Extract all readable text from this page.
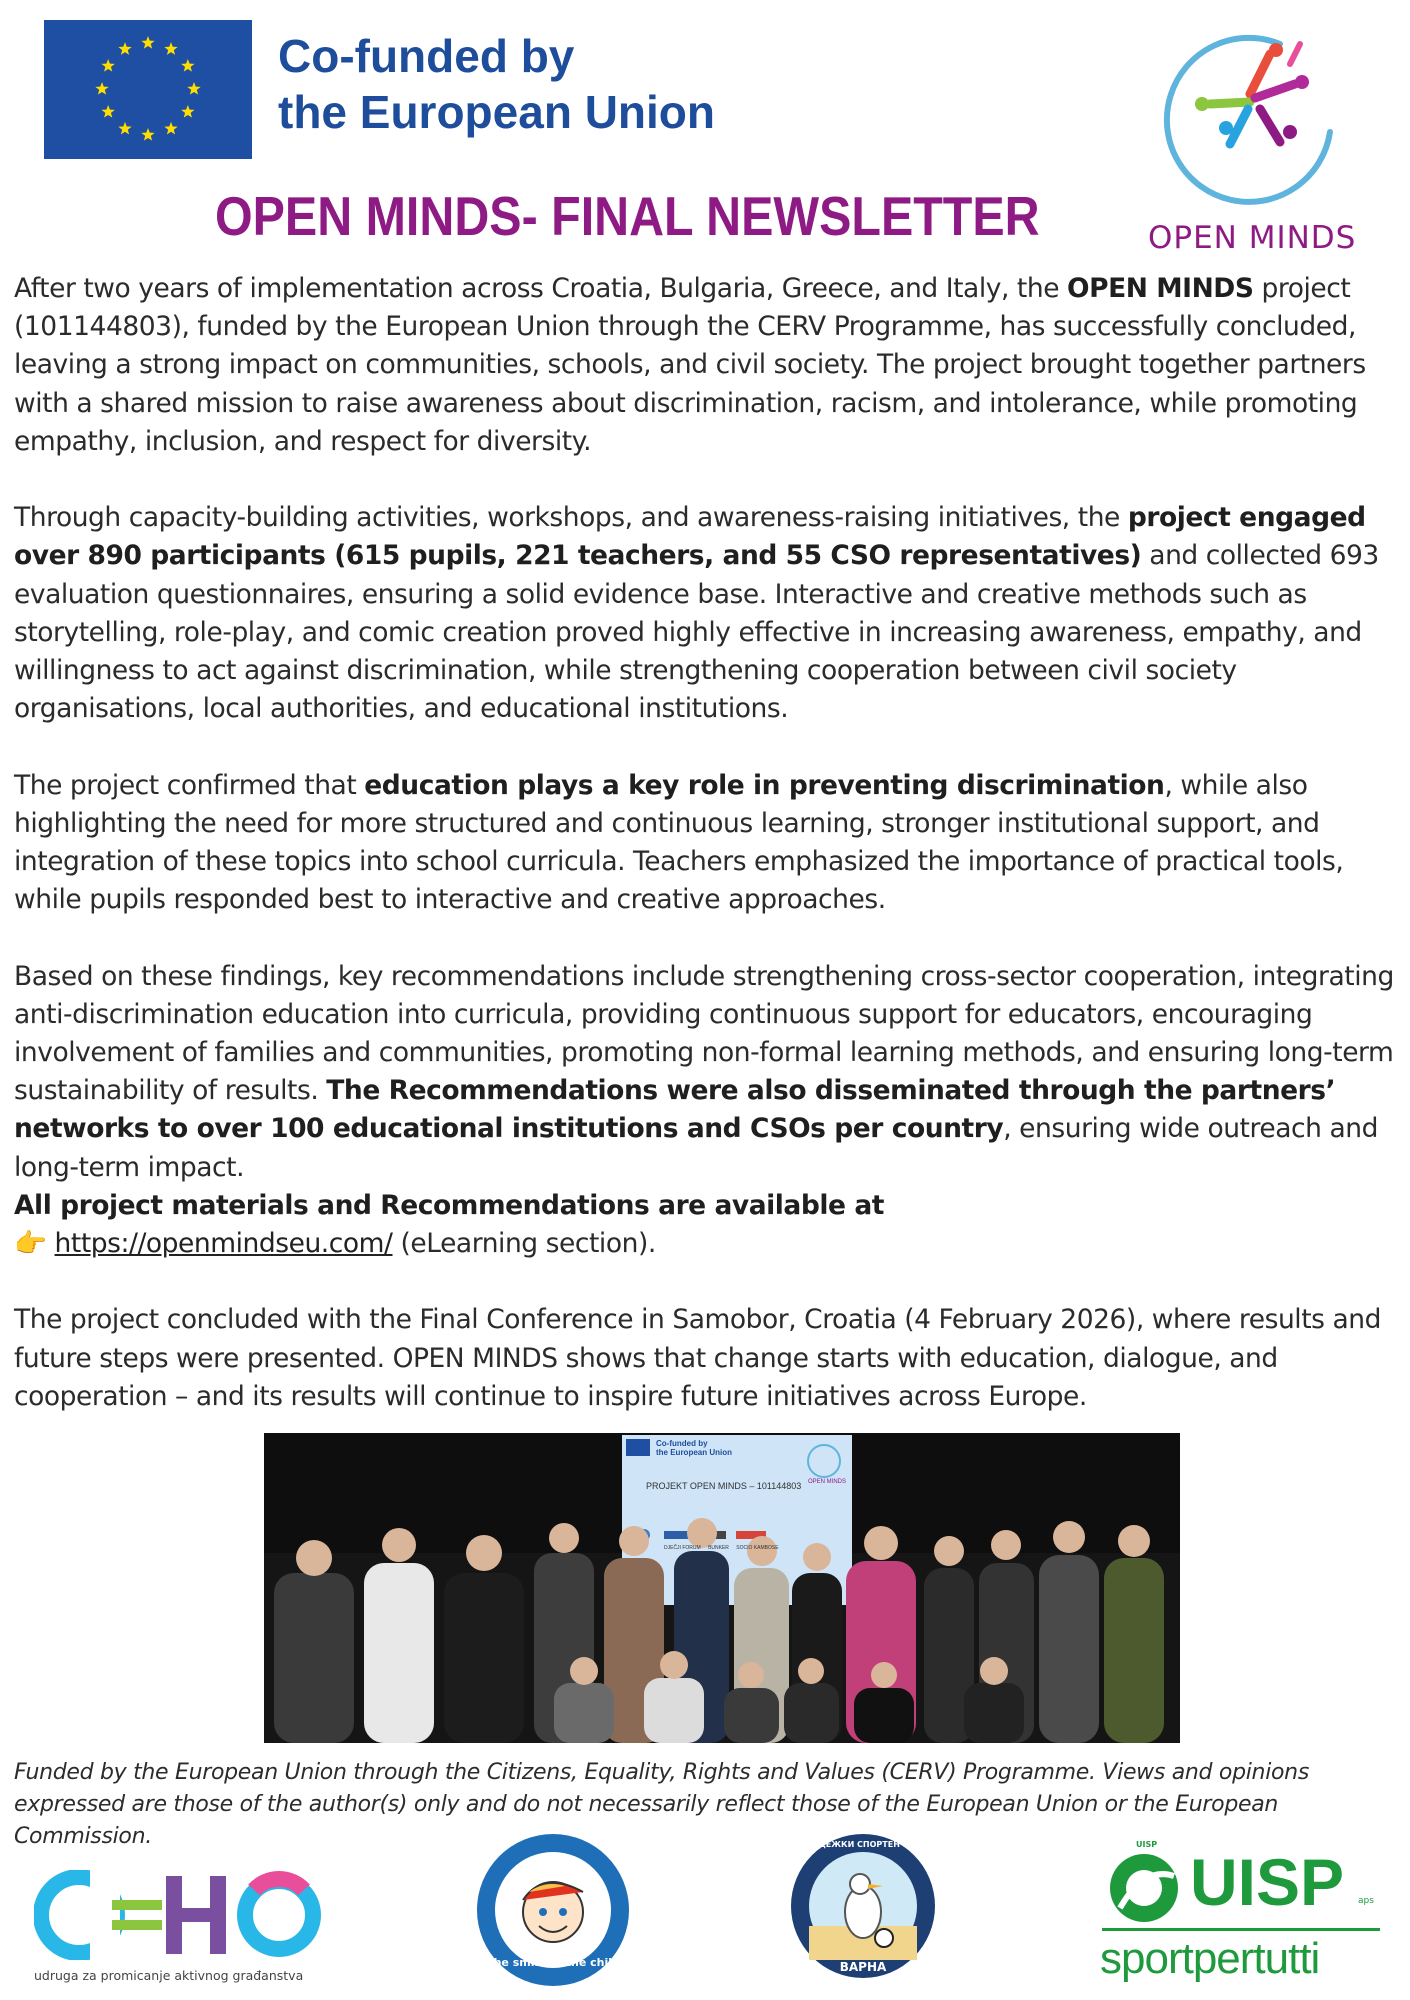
Co-funded by
the European Union
OPEN MINDS
OPEN MINDS- FINAL NEWSLETTER

After two years of implementation across Croatia, Bulgaria, Greece, and Italy, the OPEN MINDS project (101144803), funded by the European Union through the CERV Programme, has successfully concluded, leaving a strong impact on communities, schools, and civil society. The project brought together partners with a shared mission to raise awareness about discrimination, racism, and intolerance, while promoting empathy, inclusion, and respect for diversity.

Through capacity-building activities, workshops, and awareness-raising initiatives, the project engaged over 890 participants (615 pupils, 221 teachers, and 55 CSO representatives) and collected 693 evaluation questionnaires, ensuring a solid evidence base. Interactive and creative methods such as storytelling, role-play, and comic creation proved highly effective in increasing awareness, empathy, and willingness to act against discrimination, while strengthening cooperation between civil society organisations, local authorities, and educational institutions.

The project confirmed that education plays a key role in preventing discrimination, while also highlighting the need for more structured and continuous learning, stronger institutional support, and integration of these topics into school curricula. Teachers emphasized the importance of practical tools, while pupils responded best to interactive and creative approaches.

Based on these findings, key recommendations include strengthening cross-sector cooperation, integrating anti-discrimination education into curricula, providing continuous support for educators, encouraging involvement of families and communities, promoting non-formal learning methods, and ensuring long-term sustainability of results. The Recommendations were also disseminated through the partners’ networks to over 100 educational institutions and CSOs per country, ensuring wide outreach and long-term impact.
All project materials and Recommendations are available at
👉 https://openmindseu.com/ (eLearning section).

The project concluded with the Final Conference in Samobor, Croatia (4 February 2026), where results and future steps were presented. OPEN MINDS shows that change starts with education, dialogue, and cooperation – and its results will continue to inspire future initiatives across Europe.

Co-funded by
the European Union
PROJEKT OPEN MINDS – 101144803 OPEN MINDS
DJEČJI FORUM BUNKER SOCIO KAMBOSE
Funded by the European Union through the Citizens, Equality, Rights and Values (CERV) Programme. Views and opinions expressed are those of the author(s) only and do not necessarily reflect those of the European Union or the European Commission.
udruga za promicanje aktivnog građanstva
The smile of the child
МЛАДЕЖКИ СПОРТЕН КЛУБ
ВАРНА
UISP
UISP aps
sportpertutti
